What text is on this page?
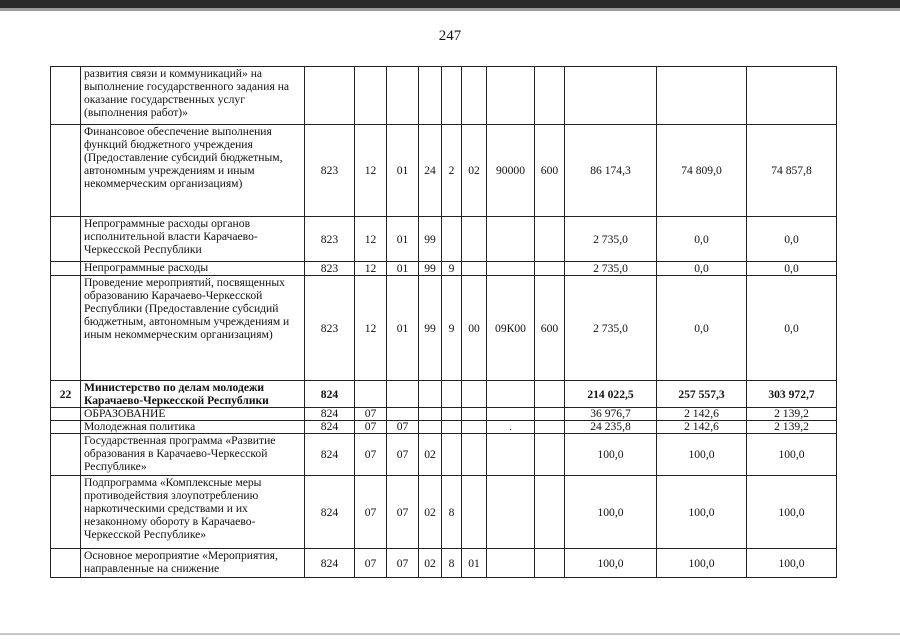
247
	развития связи и коммуникаций» на выполнение государственного задания на оказание государственных услуг (выполнения работ)»											
	Финансовое обеспечение выполнения функций бюджетного учреждения (Предоставление субсидий бюджетным, автономным учреждениям и иным некоммерческим организациям)	823	12	01	24	2	02	90000	600	86 174,3	74 809,0	74 857,8
	Непрограммные расходы органов исполнительной власти Карачаево-Черкесской Республики	823	12	01	99					2 735,0	0,0	0,0
	Непрограммные расходы	823	12	01	99	9				2 735,0	0,0	0,0
	Проведение мероприятий, посвященных образованию Карачаево-Черкесской Республики (Предоставление субсидий бюджетным, автономным учреждениям и иным некоммерческим организациям)	823	12	01	99	9	00	09К00	600	2 735,0	0,0	0,0
22	Министерство по делам молодежи Карачаево-Черкесской Республики	824								214 022,5	257 557,3	303 972,7
	ОБРАЗОВАНИЕ	824	07							36 976,7	2 142,6	2 139,2
	Молодежная политика	824	07	07				.		24 235,8	2 142,6	2 139,2
	Государственная программа «Развитие образования в Карачаево-Черкесской Республике»	824	07	07	02					100,0	100,0	100,0
	Подпрограмма «Комплексные меры противодействия злоупотреблению наркотическими средствами и их незаконному обороту в Карачаево-Черкесской Республике»	824	07	07	02	8				100,0	100,0	100,0
	Основное мероприятие «Мероприятия, направленные на снижение	824	07	07	02	8	01			100,0	100,0	100,0
